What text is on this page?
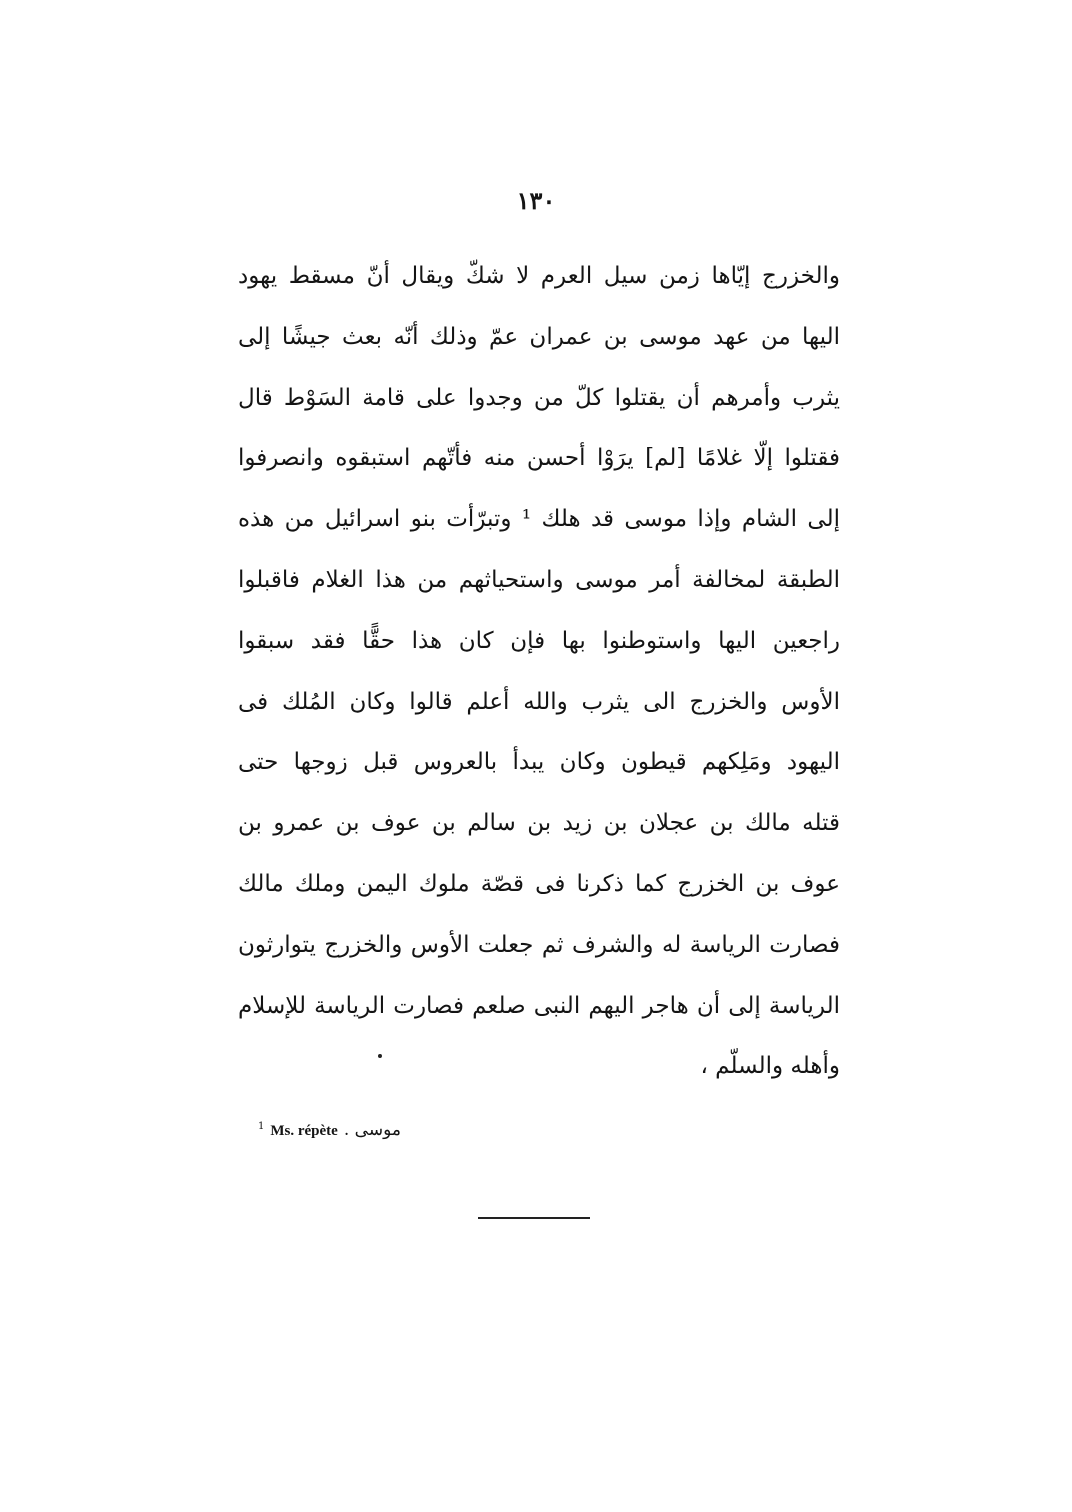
١٣٠
والخزرج إيّاها زمن سيل العرم لا شكّ ويقال أنّ مسقط يهود
اليها من عهد موسى بن عمران عمّ وذلك أنّه بعث جيشًا إلى
يثرب وأمرهم أن يقتلوا كلّ من وجدوا على قامة السَوْط قال
فقتلوا إلّا غلامًا [لم] يرَوْا أحسن منه فأتّهم استبقوه وانصرفوا
إلى الشام وإذا موسى قد هلك ¹ وتبرّأت بنو اسرائيل من هذه
الطبقة لمخالفة أمر موسى واستحياثهم من هذا الغلام فاقبلوا
راجعين اليها واستوطنوا بها فإن كان هذا حقًّا فقد سبقوا
الأوس والخزرج الى يثرب والله أعلم قالوا وكان المُلك فى
اليهود ومَلِكهم قيطون وكان يبدأ بالعروس قبل زوجها حتى
قتله مالك بن عجلان بن زيد بن سالم بن عوف بن عمرو بن
عوف بن الخزرج كما ذكرنا فى قصّة ملوك اليمن وملك مالك
فصارت الرياسة له والشرف ثم جعلت الأوس والخزرج يتوارثون
الرياسة إلى أن هاجر اليهم النبى صلعم فصارت الرياسة للإسلام
وأهله والسلّم ،
$^1$ Ms. répète موسى .
